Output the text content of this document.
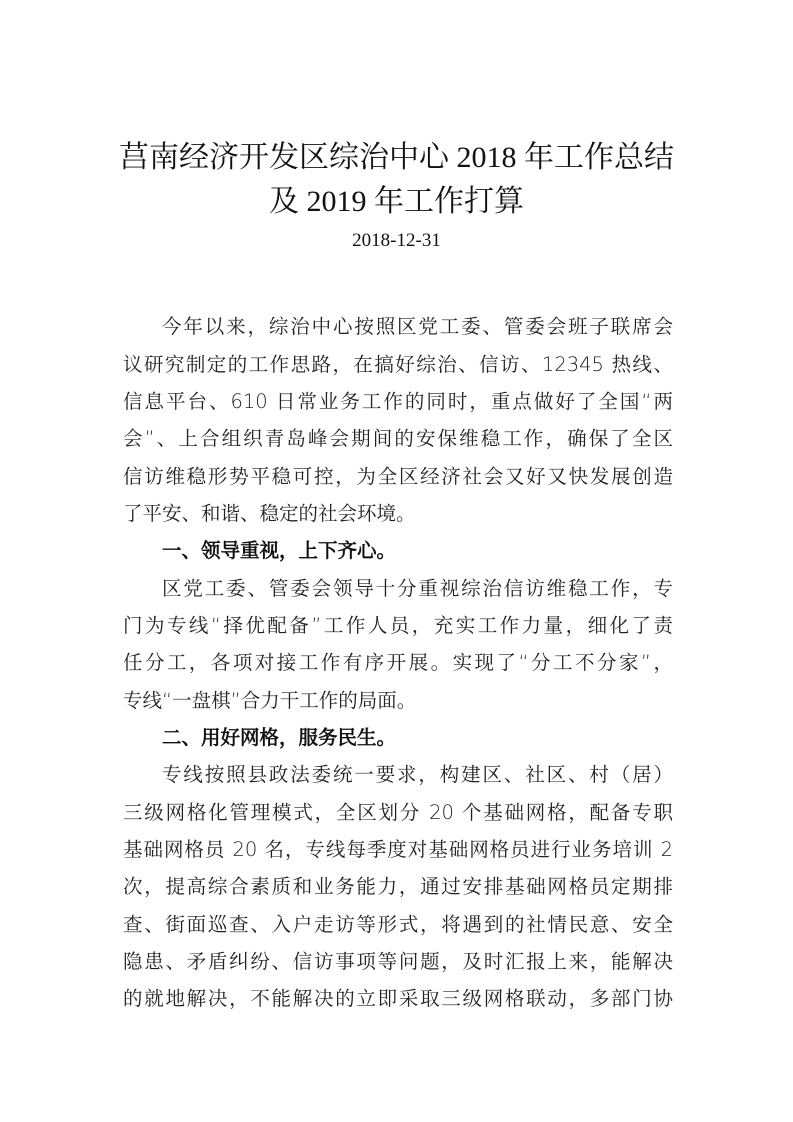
莒南经济开发区综治中心 2018 年工作总结
及 2019 年工作打算
2018-12-31
今年以来，综治中心按照区党工委、管委会班子联席会
议研究制定的工作思路，在搞好综治、信访、12345 热线、
信息平台、610 日常业务工作的同时，重点做好了全国“两
会”、上合组织青岛峰会期间的安保维稳工作，确保了全区
信访维稳形势平稳可控，为全区经济社会又好又快发展创造
了平安、和谐、稳定的社会环境。
一、领导重视，上下齐心。
区党工委、管委会领导十分重视综治信访维稳工作，专
门为专线“择优配备”工作人员，充实工作力量，细化了责
任分工，各项对接工作有序开展。实现了“分工不分家”，
专线“一盘棋”合力干工作的局面。
二、用好网格，服务民生。
专线按照县政法委统一要求，构建区、社区、村（居）
三级网格化管理模式，全区划分 20 个基础网格，配备专职
基础网格员 20 名，专线每季度对基础网格员进行业务培训 2
次，提高综合素质和业务能力，通过安排基础网格员定期排
查、街面巡查、入户走访等形式，将遇到的社情民意、安全
隐患、矛盾纠纷、信访事项等问题，及时汇报上来，能解决
的就地解决，不能解决的立即采取三级网格联动，多部门协
